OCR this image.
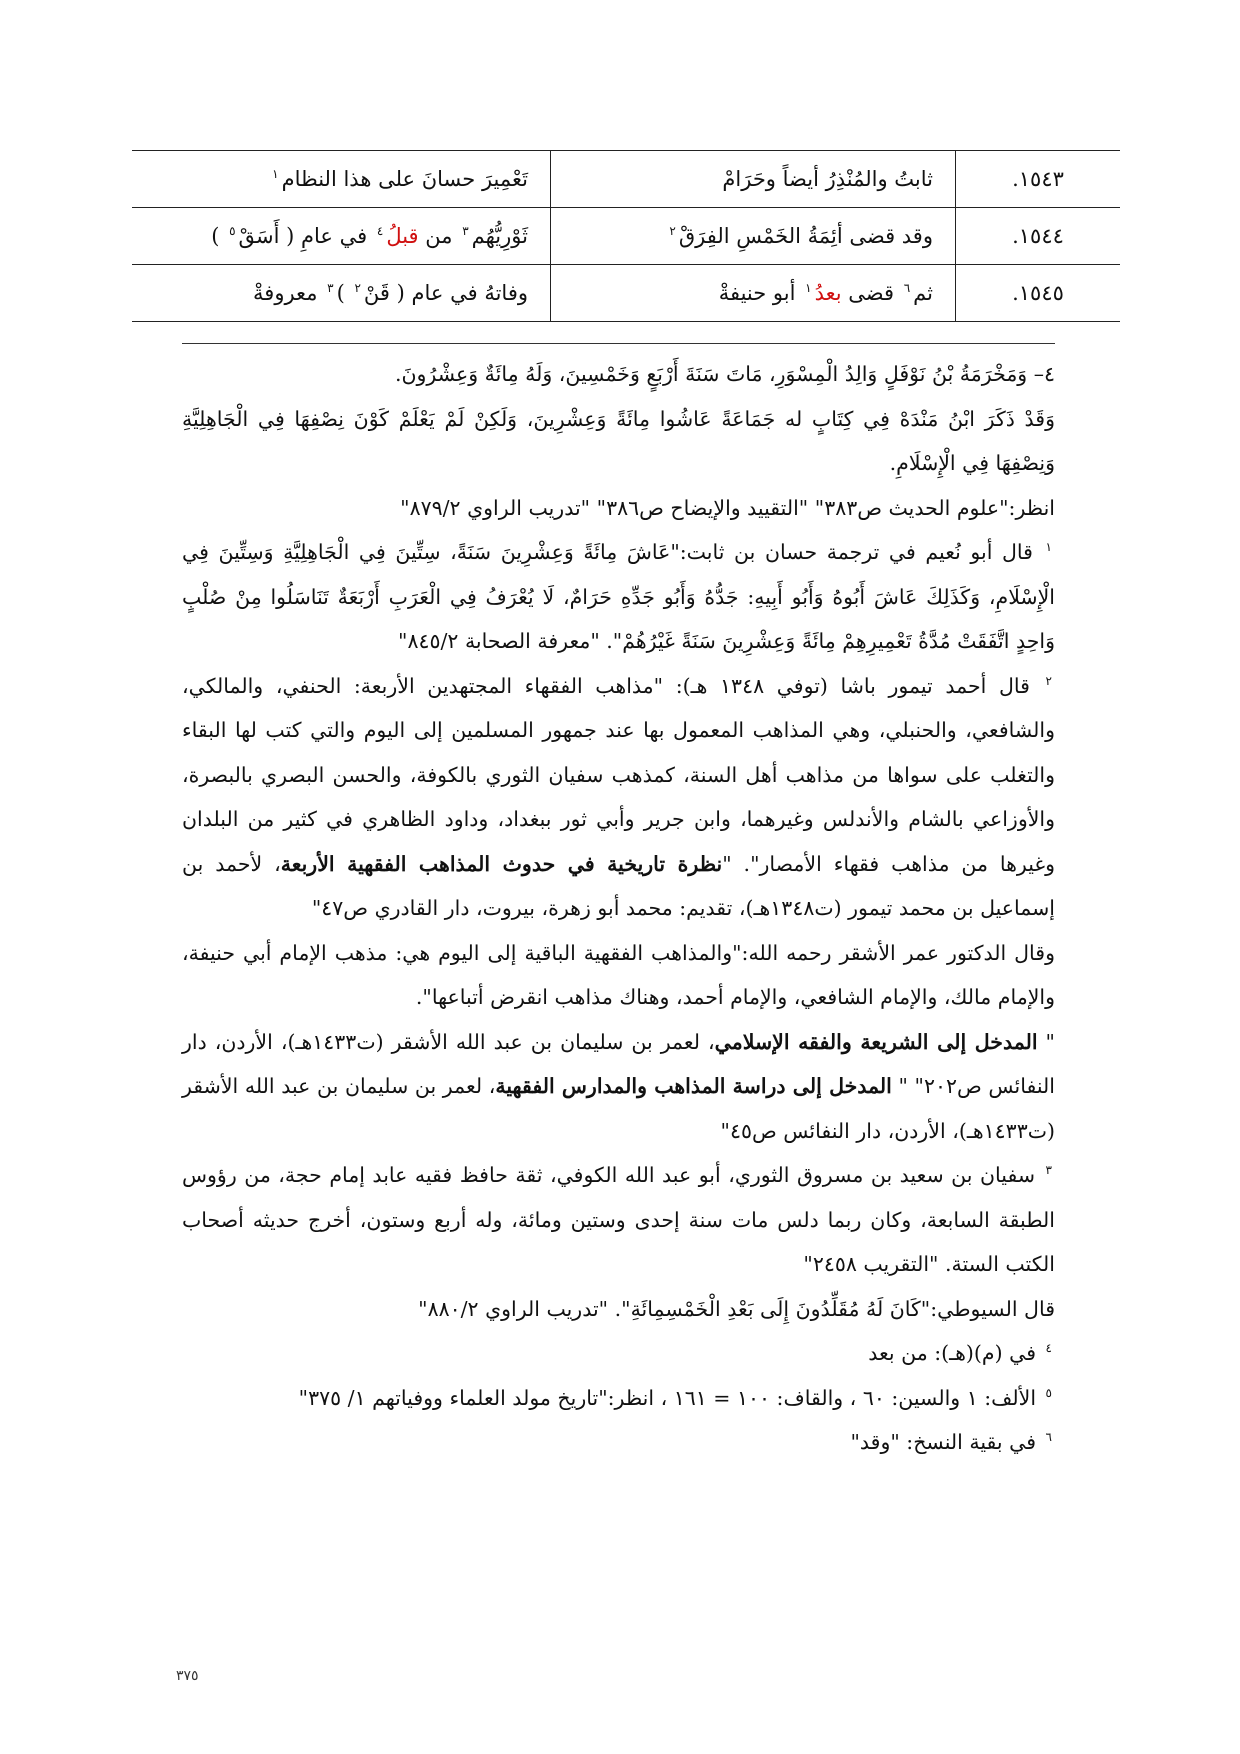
١٥٤٣.	ثابتُ والمُنْذِرُ أيضاً وحَرَامْ	تَعْمِيرَ حسانَ على هذا النظام$^١$
١٥٤٤.	وقد قضى أئِمَةُ الخَمْسِ الفِرَقْ$^٢$	ثَوْرِيُّهُم$^٣$ من قبلُ$^٤$ في عامِ ( أَسَقْ$^٥$ )
١٥٤٥.	ثم$^٦$ قضى بعدُ$^١$ أبو حنيفةْ	وفاتهُ في عام ( قَنْ$^٢$ )$^٣$ معروفةْ

٤– وَمَخْرَمَةُ بْنُ نَوْفَلٍ وَالِدُ الْمِسْوَرِ، مَاتَ سَنَةَ أَرْبَعٍ وَخَمْسِينَ، وَلَهُ مِائَةٌ وَعِشْرُونَ.

وَقَدْ ذَكَرَ ابْنُ مَنْدَهْ فِي كِتَابٍ له جَمَاعَةً عَاشُوا مِائَةً وَعِشْرِينَ، وَلَكِنْ لَمْ يَعْلَمْ كَوْنَ نِصْفِهَا فِي الْجَاهِلِيَّةِ وَنِصْفِهَا فِي الْإِسْلَامِ.

انظر:"علوم الحديث ص٣٨٣" "التقييد والإيضاح ص٣٨٦" "تدريب الراوي ٨٧٩/٢"

$^١$ قال أبو نُعيم في ترجمة حسان بن ثابت:"عَاشَ مِائَةً وَعِشْرِينَ سَنَةً، سِتِّينَ فِي الْجَاهِلِيَّةِ وَسِتِّينَ فِي الْإِسْلَامِ، وَكَذَلِكَ عَاشَ أَبُوهُ وَأَبُو أَبِيهِ: جَدُّهُ وَأَبُو جَدِّهِ حَرَامٌ، لَا يُعْرَفُ فِي الْعَرَبِ أَرْبَعَةٌ تَنَاسَلُوا مِنْ صُلْبٍ وَاحِدٍ اتَّفَقَتْ مُدَّةُ تَعْمِيرِهِمْ مِائَةً وَعِشْرِينَ سَنَةً غَيْرُهُمْ". "معرفة الصحابة ٨٤٥/٢"

$^٢$ قال أحمد تيمور باشا (توفي ١٣٤٨ هـ): "مذاهب الفقهاء المجتهدين الأربعة: الحنفي، والمالكي، والشافعي، والحنبلي، وهي المذاهب المعمول بها عند جمهور المسلمين إلى اليوم والتي كتب لها البقاء والتغلب على سواها من مذاهب أهل السنة، كمذهب سفيان الثوري بالكوفة، والحسن البصري بالبصرة، والأوزاعي بالشام والأندلس وغيرهما، وابن جرير وأبي ثور ببغداد، وداود الظاهري في كثير من البلدان وغيرها من مذاهب فقهاء الأمصار". "نظرة تاريخية في حدوث المذاهب الفقهية الأربعة، لأحمد بن إسماعيل بن محمد تيمور (ت١٣٤٨هـ)، تقديم: محمد أبو زهرة، بيروت، دار القادري ص٤٧"

وقال الدكتور عمر الأشقر رحمه الله:"والمذاهب الفقهية الباقية إلى اليوم هي: مذهب الإمام أبي حنيفة، والإمام مالك، والإمام الشافعي، والإمام أحمد، وهناك مذاهب انقرض أتباعها".

" المدخل إلى الشريعة والفقه الإسلامي، لعمر بن سليمان بن عبد الله الأشقر (ت١٤٣٣هـ)، الأردن، دار النفائس ص٢٠٢" " المدخل إلى دراسة المذاهب والمدارس الفقهية، لعمر بن سليمان بن عبد الله الأشقر (ت١٤٣٣هـ)، الأردن، دار النفائس ص٤٥"

$^٣$ سفيان بن سعيد بن مسروق الثوري، أبو عبد الله الكوفي، ثقة حافظ فقيه عابد إمام حجة، من رؤوس الطبقة السابعة، وكان ربما دلس مات سنة إحدى وستين ومائة، وله أربع وستون، أخرج حديثه أصحاب الكتب الستة. "التقريب ٢٤٥٨"

قال السيوطي:"كَانَ لَهُ مُقَلِّدُونَ إِلَى بَعْدِ الْخَمْسِمِائَةِ". "تدريب الراوي ٨٨٠/٢"

$^٤$ في (م)(هـ): من بعد

$^٥$ الألف: ١ والسين: ٦٠ ، والقاف: ١٠٠ = ١٦١ ، انظر:"تاريخ مولد العلماء ووفياتهم ١/ ٣٧٥"

$^٦$ في بقية النسخ: "وقد"

٣٧٥
